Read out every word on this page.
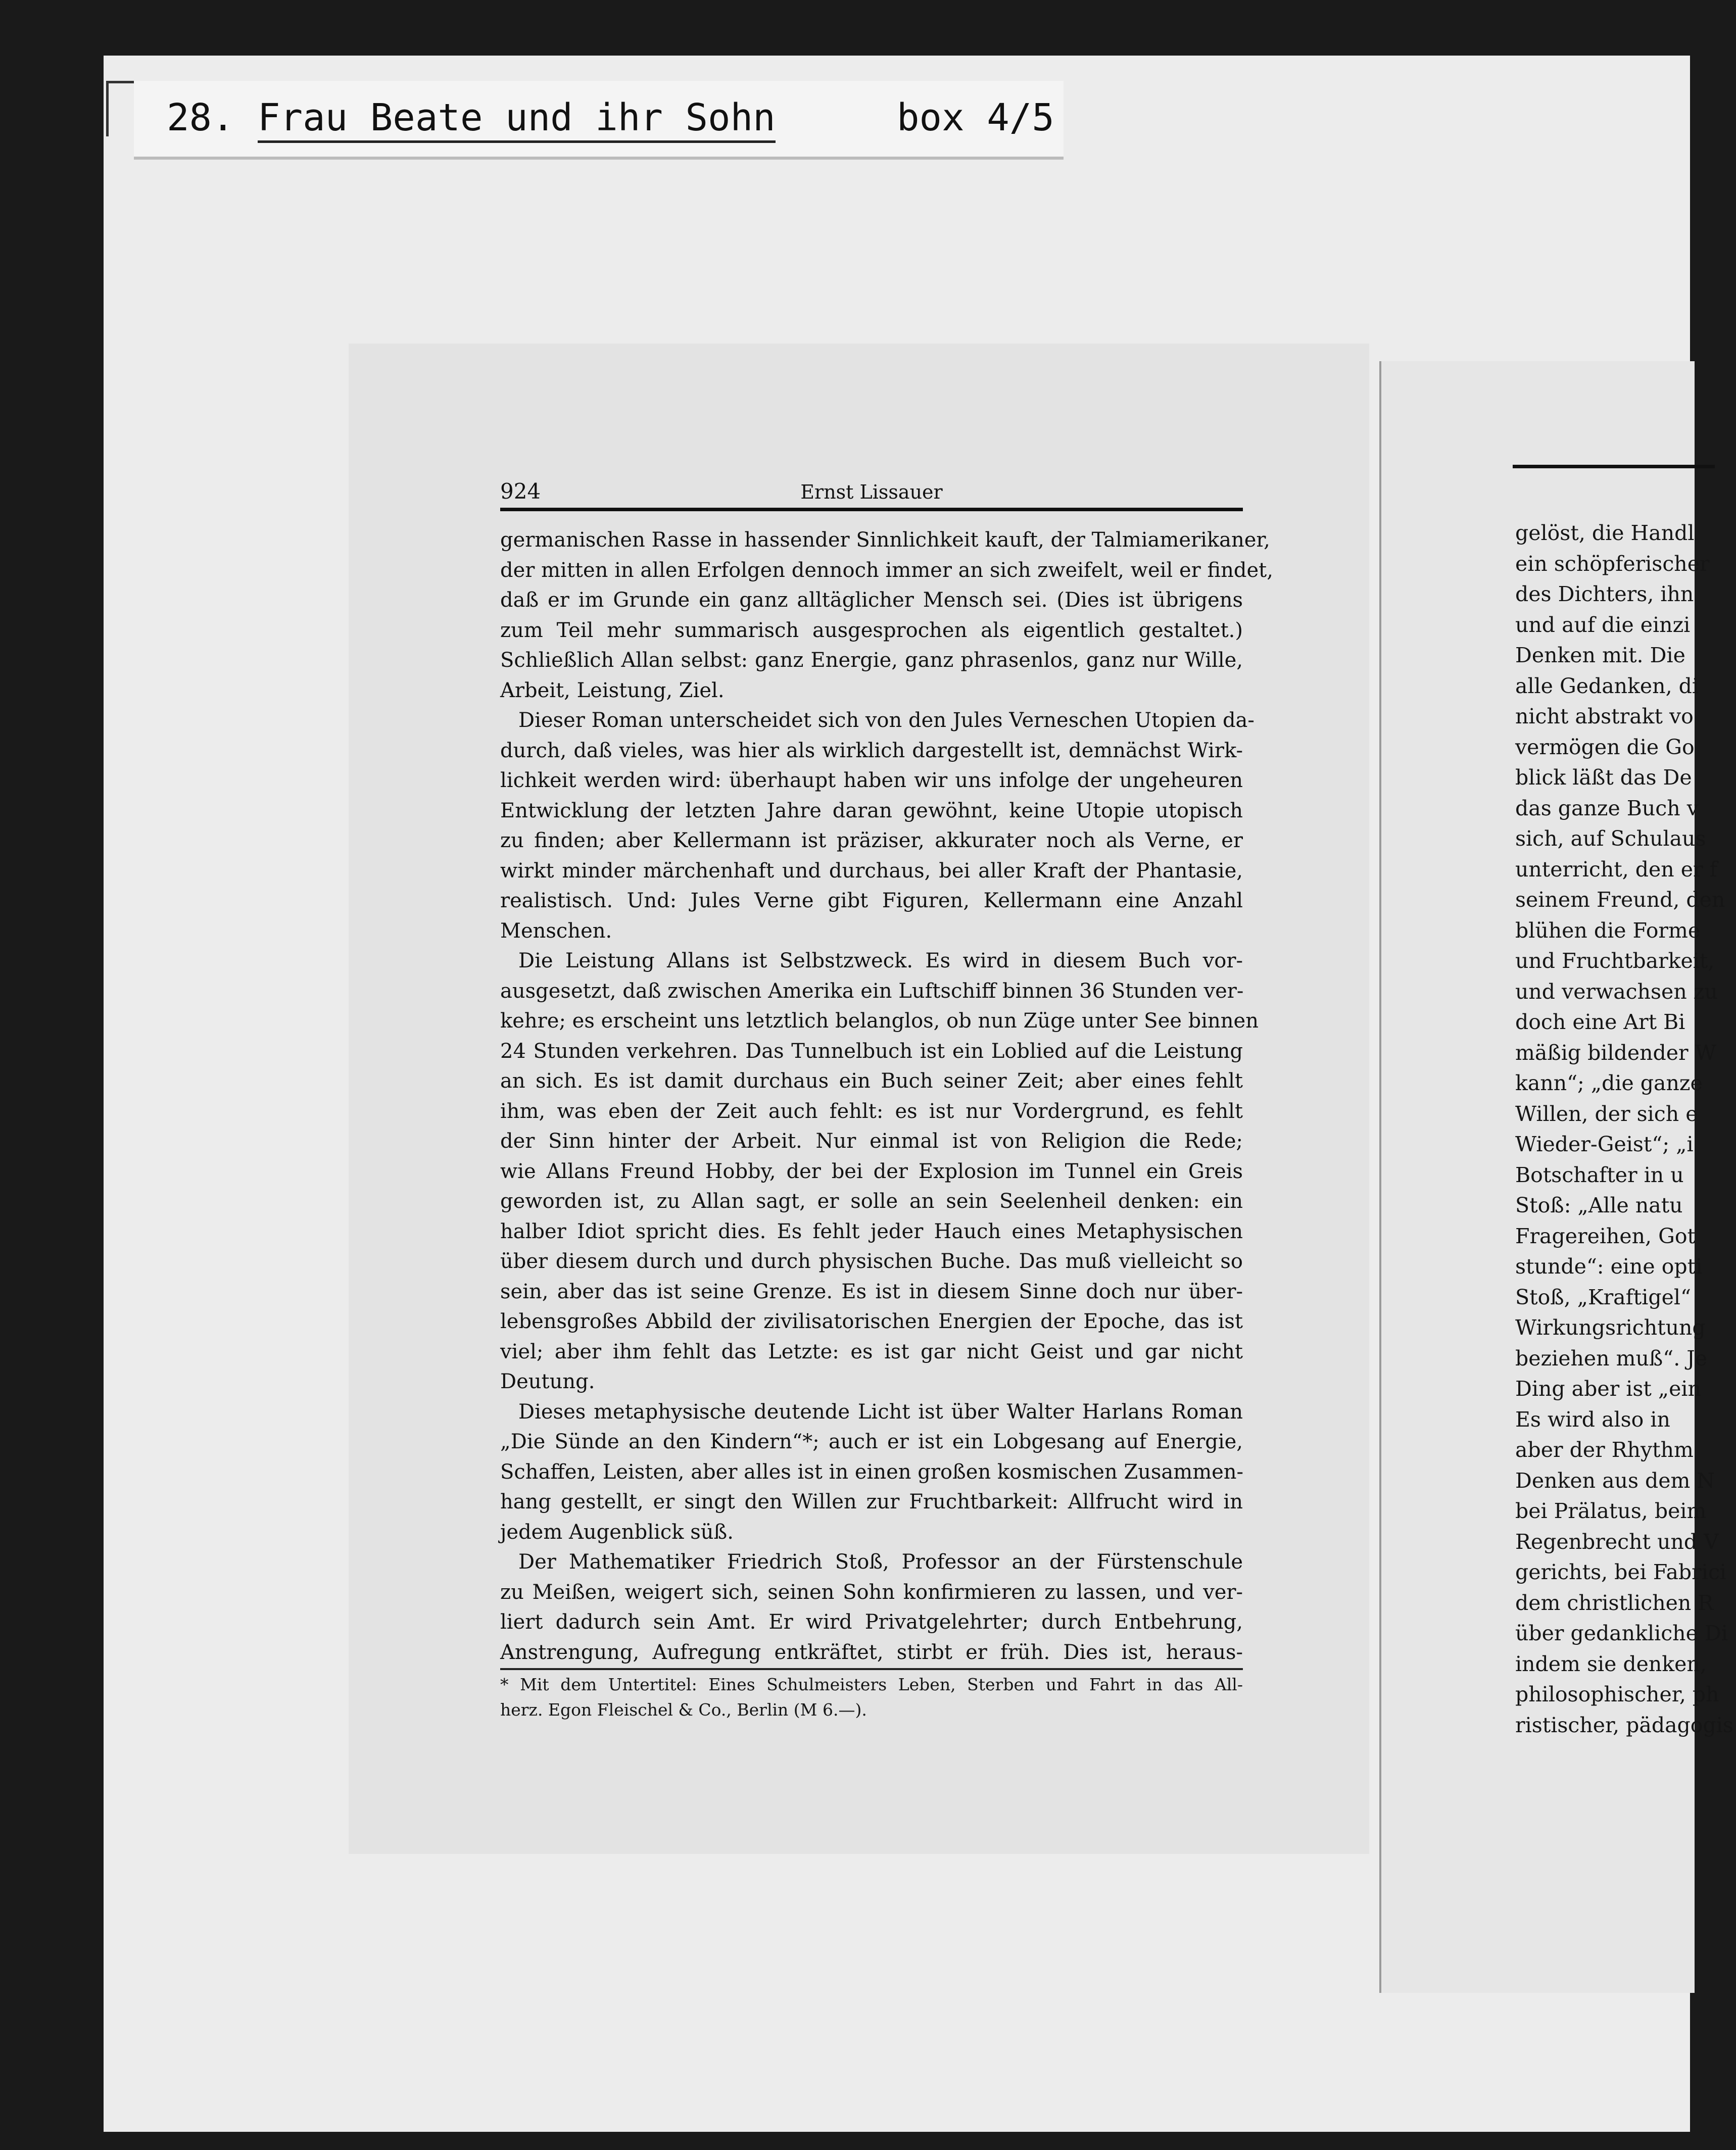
28. Frau Beate und ihr Sohn	box 4/5
gelöst, die Handl
ein schöpferischer
des Dichters, ihn
und auf die einzi
Denken mit. Die
alle Gedanken, di
nicht abstrakt vo
vermögen die Go
blick läßt das De
das ganze Buch v
sich, auf Schulaus
unterricht, den er f
seinem Freund, den
blühen die Forme
und Fruchtbarkeit,
und verwachsen zu
doch eine Art Bi
mäßig bildender W
kann“; „die ganze
Willen, der sich e
Wieder-Geist“; „i
Botschafter in u
Stoß: „Alle natu
Fragereihen, Got
stunde“: eine opti
Stoß, „Kraftigel“
Wirkungsrichtung
beziehen muß“. Je
Ding aber ist „ein
Es wird also in
aber der Rhythm
Denken aus dem N
bei Prälatus, beim
Regenbrecht und V
gerichts, bei Fabrici
dem christlichen R
über gedankliche Di
indem sie denken,
philosophischer, ph
ristischer, pädagogis
924	Ernst Lissauer
germanischen Rasse in hassender Sinnlichkeit kauft, der Talmiamerikaner,
der mitten in allen Erfolgen dennoch immer an sich zweifelt, weil er findet,
daß er im Grunde ein ganz alltäglicher Mensch sei. (Dies ist übrigens
zum Teil mehr summarisch ausgesprochen als eigentlich gestaltet.)
Schließlich Allan selbst: ganz Energie, ganz phrasenlos, ganz nur Wille,
Arbeit, Leistung, Ziel.
Dieser Roman unterscheidet sich von den Jules Verneschen Utopien da-
durch, daß vieles, was hier als wirklich dargestellt ist, demnächst Wirk-
lichkeit werden wird: überhaupt haben wir uns infolge der ungeheuren
Entwicklung der letzten Jahre daran gewöhnt, keine Utopie utopisch
zu finden; aber Kellermann ist präziser, akkurater noch als Verne, er
wirkt minder märchenhaft und durchaus, bei aller Kraft der Phantasie,
realistisch. Und: Jules Verne gibt Figuren, Kellermann eine Anzahl
Menschen.
Die Leistung Allans ist Selbstzweck. Es wird in diesem Buch vor-
ausgesetzt, daß zwischen Amerika ein Luftschiff binnen 36 Stunden ver-
kehre; es erscheint uns letztlich belanglos, ob nun Züge unter See binnen
24 Stunden verkehren. Das Tunnelbuch ist ein Loblied auf die Leistung
an sich. Es ist damit durchaus ein Buch seiner Zeit; aber eines fehlt
ihm, was eben der Zeit auch fehlt: es ist nur Vordergrund, es fehlt
der Sinn hinter der Arbeit. Nur einmal ist von Religion die Rede;
wie Allans Freund Hobby, der bei der Explosion im Tunnel ein Greis
geworden ist, zu Allan sagt, er solle an sein Seelenheil denken: ein
halber Idiot spricht dies. Es fehlt jeder Hauch eines Metaphysischen
über diesem durch und durch physischen Buche. Das muß vielleicht so
sein, aber das ist seine Grenze. Es ist in diesem Sinne doch nur über-
lebensgroßes Abbild der zivilisatorischen Energien der Epoche, das ist
viel; aber ihm fehlt das Letzte: es ist gar nicht Geist und gar nicht
Deutung.
Dieses metaphysische deutende Licht ist über Walter Harlans Roman
„Die Sünde an den Kindern“*; auch er ist ein Lobgesang auf Energie,
Schaffen, Leisten, aber alles ist in einen großen kosmischen Zusammen-
hang gestellt, er singt den Willen zur Fruchtbarkeit: Allfrucht wird in
jedem Augenblick süß.
Der Mathematiker Friedrich Stoß, Professor an der Fürstenschule
zu Meißen, weigert sich, seinen Sohn konfirmieren zu lassen, und ver-
liert dadurch sein Amt. Er wird Privatgelehrter; durch Entbehrung,
Anstrengung, Aufregung entkräftet, stirbt er früh. Dies ist, heraus-
* Mit dem Untertitel: Eines Schulmeisters Leben, Sterben und Fahrt in das All-
herz. Egon Fleischel & Co., Berlin (M 6.—).
